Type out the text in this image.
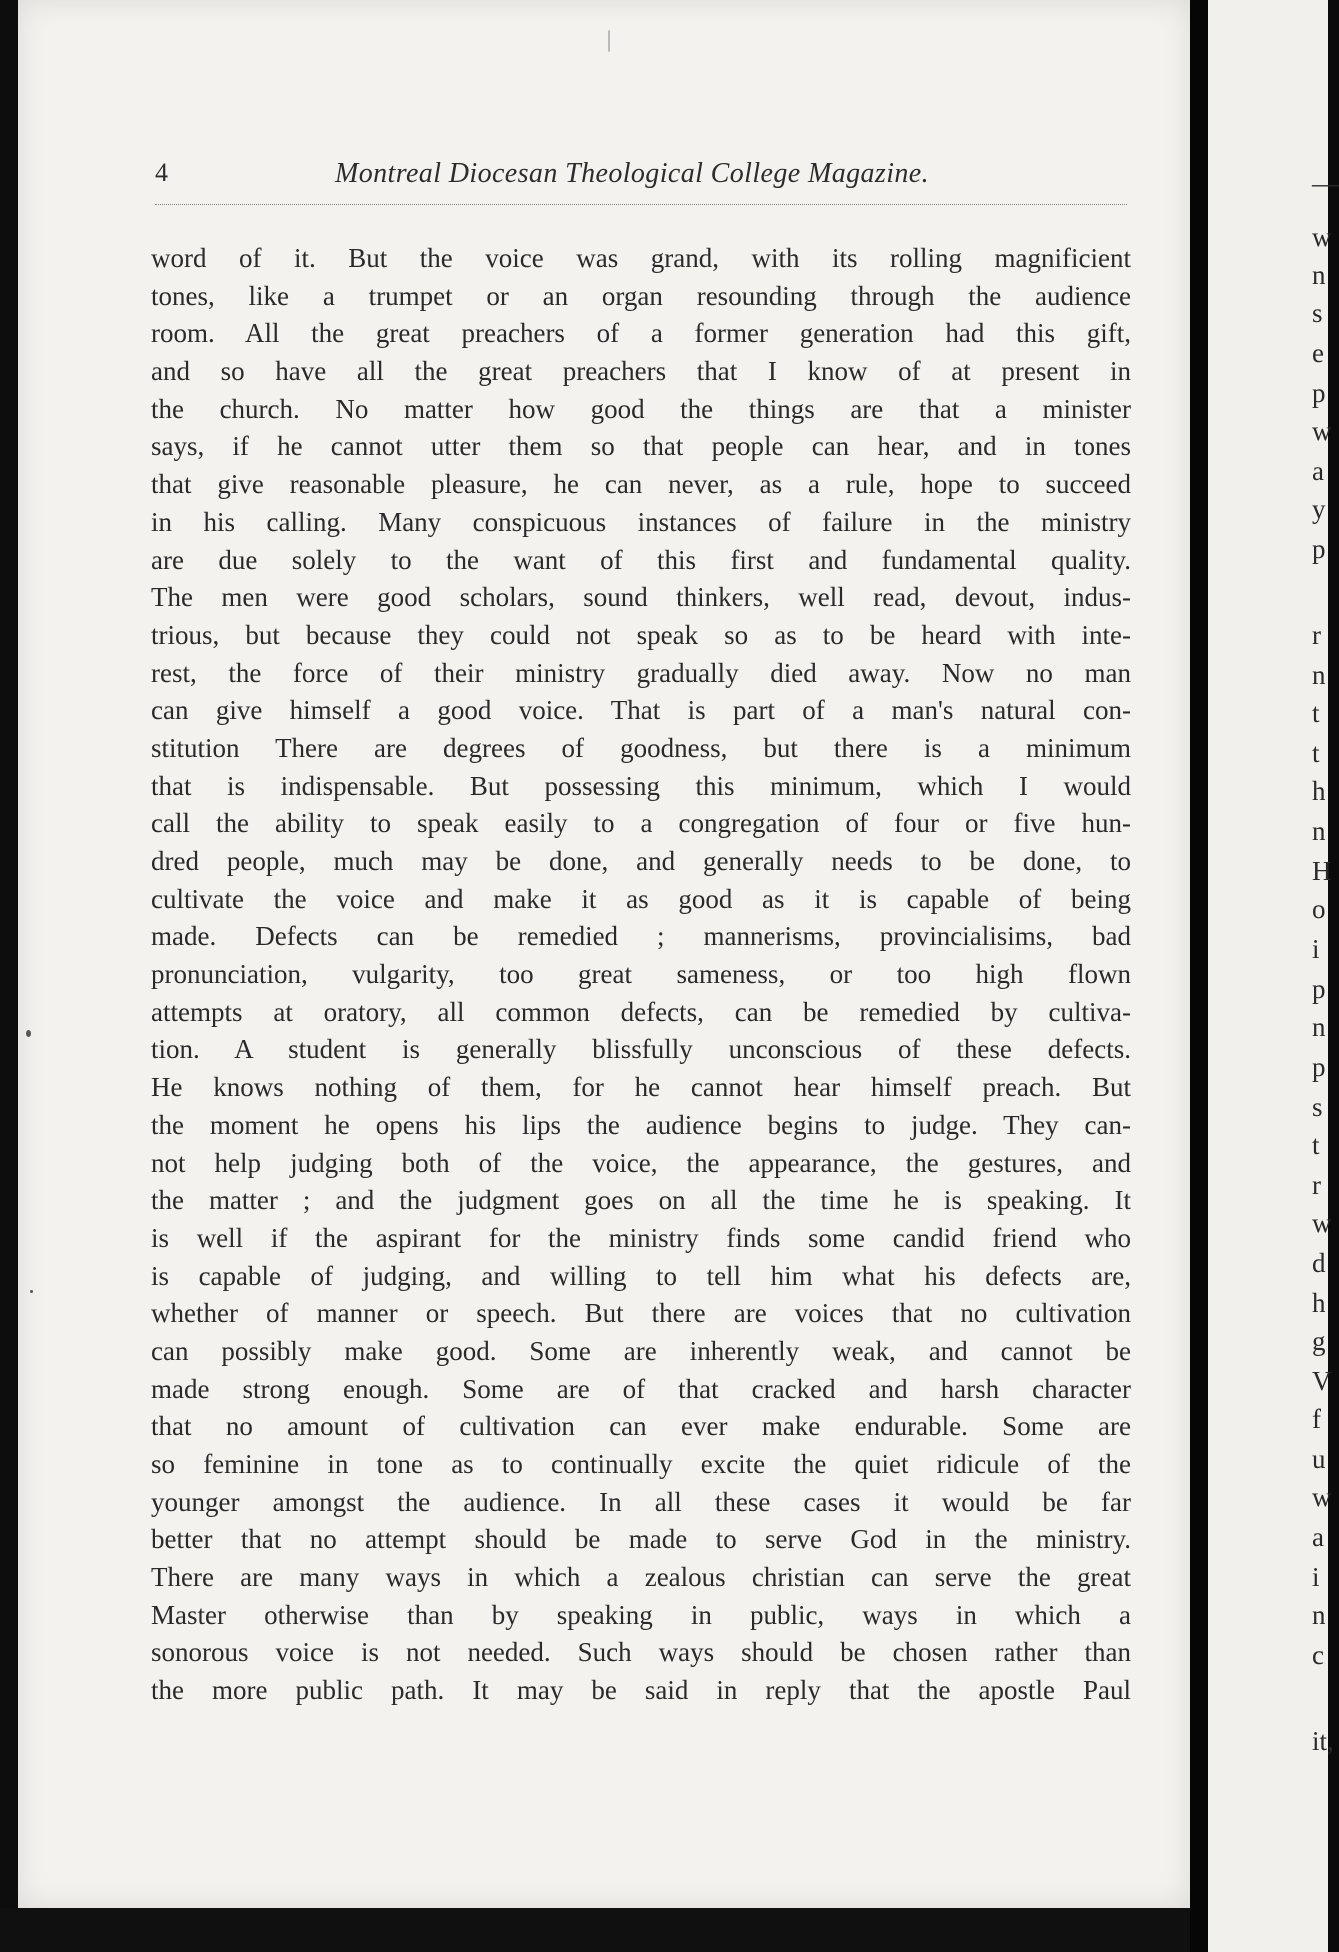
4	Montreal Diocesan Theological College Magazine.
word of it. But the voice was grand, with its rolling magnificient
tones, like a trumpet or an organ resounding through the audience
room. All the great preachers of a former generation had this gift,
and so have all the great preachers that I know of at present in
the church. No matter how good the things are that a minister
says, if he cannot utter them so that people can hear, and in tones
that give reasonable pleasure, he can never, as a rule, hope to succeed
in his calling. Many conspicuous instances of failure in the ministry
are due solely to the want of this first and fundamental quality.
The men were good scholars, sound thinkers, well read, devout, indus-
trious, but because they could not speak so as to be heard with inte-
rest, the force of their ministry gradually died away. Now no man
can give himself a good voice. That is part of a man's natural con-
stitution There are degrees of goodness, but there is a minimum
that is indispensable. But possessing this minimum, which I would
call the ability to speak easily to a congregation of four or five hun-
dred people, much may be done, and generally needs to be done, to
cultivate the voice and make it as good as it is capable of being
made. Defects can be remedied ; mannerisms, provincialisims, bad
pronunciation, vulgarity, too great sameness, or too high flown
attempts at oratory, all common defects, can be remedied by cultiva-
tion. A student is generally blissfully unconscious of these defects.
He knows nothing of them, for he cannot hear himself preach. But
the moment he opens his lips the audience begins to judge. They can-
not help judging both of the voice, the appearance, the gestures, and
the matter ; and the judgment goes on all the time he is speaking. It
is well if the aspirant for the ministry finds some candid friend who
is capable of judging, and willing to tell him what his defects are,
whether of manner or speech. But there are voices that no cultivation
can possibly make good. Some are inherently weak, and cannot be
made strong enough. Some are of that cracked and harsh character
that no amount of cultivation can ever make endurable. Some are
so feminine in tone as to continually excite the quiet ridicule of the
younger amongst the audience. In all these cases it would be far
better that no attempt should be made to serve God in the ministry.
There are many ways in which a zealous christian can serve the great
Master otherwise than by speaking in public, ways in which a
sonorous voice is not needed. Such ways should be chosen rather than
the more public path. It may be said in reply that the apostle Paul
—
w
n
s
e
p
w
a
y
p
r
n
t
t
h
n
H
o
i
p
n
p
s
t
r
w
d
h
g
V
f
u
w
a
i
n
c
it,
